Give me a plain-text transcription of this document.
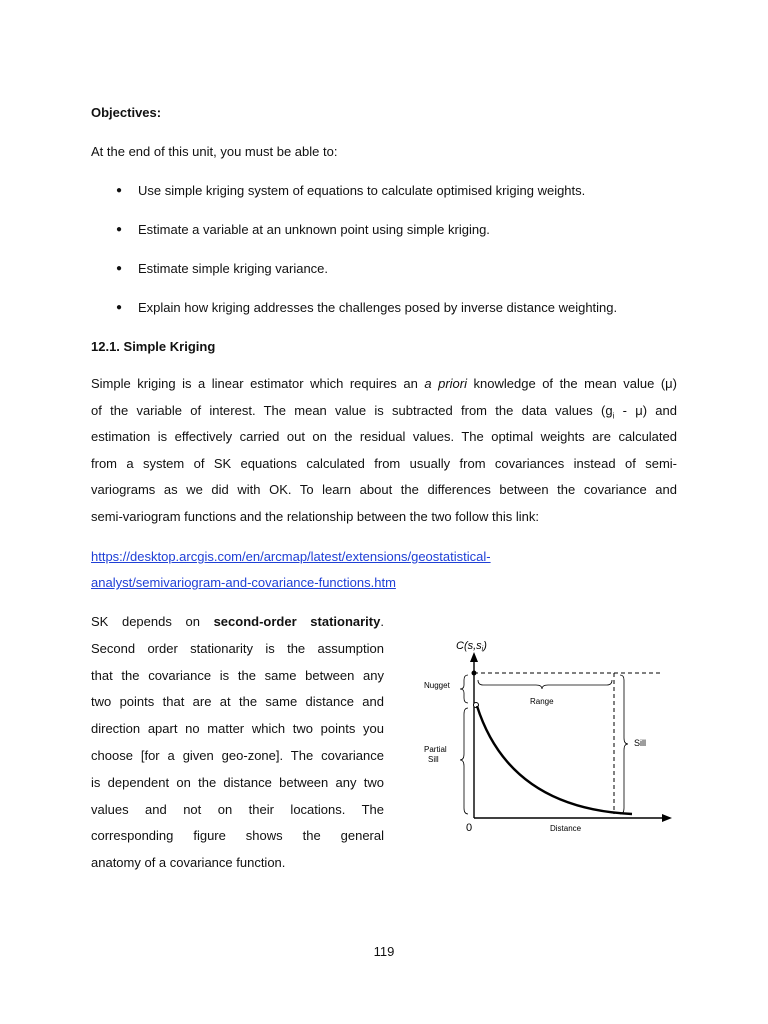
Objectives:
At the end of this unit, you must be able to:
● Use simple kriging system of equations to calculate optimised kriging weights.
● Estimate a variable at an unknown point using simple kriging.
● Estimate simple kriging variance.
● Explain how kriging addresses the challenges posed by inverse distance weighting.
12.1. Simple Kriging
Simple kriging is a linear estimator which requires an a priori knowledge of the mean value (μ)
of the variable of interest. The mean value is subtracted from the data values $(g_i - \mu)$ and
estimation is effectively carried out on the residual values. The optimal weights are calculated
from a system of SK equations calculated from usually from covariances instead of semi-
variograms as we did with OK. To learn about the differences between the covariance and
semi-variogram functions and the relationship between the two follow this link:
https://desktop.arcgis.com/en/arcmap/latest/extensions/geostatistical-
analyst/semivariogram-and-covariance-functions.htm
SK depends on second-order stationarity.
Second order stationarity is the assumption
that the covariance is the same between any
two points that are at the same distance and
direction apart no matter which two points you
choose [for a given geo-zone]. The covariance
is dependent on the distance between any two
values and not on their locations. The
corresponding figure shows the general
anatomy of a covariance function.
C(s,si)
Nugget
Partial
Sill
Range
Sill
0	Distance
119
